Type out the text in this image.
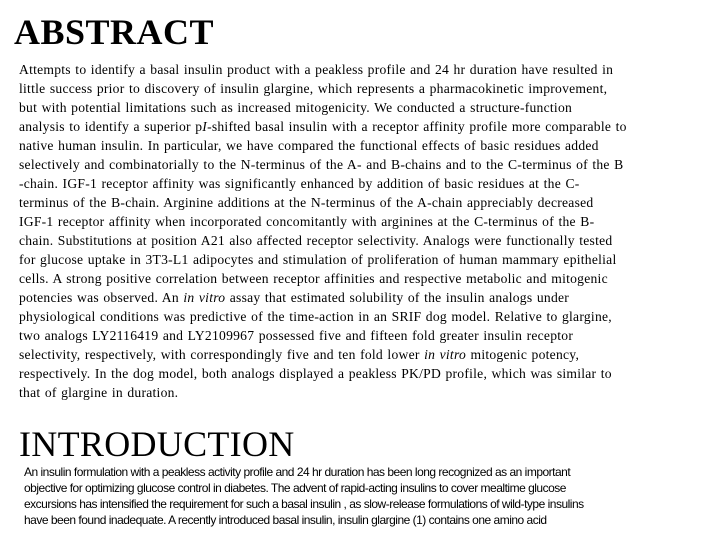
ABSTRACT
Attempts to identify a basal insulin product with a peakless profile and 24 hr duration have resulted in
little success prior to discovery of insulin glargine, which represents a pharmacokinetic improvement,
but with potential limitations such as increased mitogenicity. We conducted a structure-function
analysis to identify a superior pI-shifted basal insulin with a receptor affinity profile more comparable to
native human insulin. In particular, we have compared the functional effects of basic residues added
selectively and combinatorially to the N-terminus of the A- and B-chains and to the C-terminus of the B
-chain. IGF-1 receptor affinity was significantly enhanced by addition of basic residues at the C-
terminus of the B-chain. Arginine additions at the N-terminus of the A-chain appreciably decreased
IGF-1 receptor affinity when incorporated concomitantly with arginines at the C-terminus of the B-
chain. Substitutions at position A21 also affected receptor selectivity. Analogs were functionally tested
for glucose uptake in 3T3-L1 adipocytes and stimulation of proliferation of human mammary epithelial
cells. A strong positive correlation between receptor affinities and respective metabolic and mitogenic
potencies was observed. An in vitro assay that estimated solubility of the insulin analogs under
physiological conditions was predictive of the time-action in an SRIF dog model. Relative to glargine,
two analogs LY2116419 and LY2109967 possessed five and fifteen fold greater insulin receptor
selectivity, respectively, with correspondingly five and ten fold lower in vitro mitogenic potency,
respectively. In the dog model, both analogs displayed a peakless PK/PD profile, which was similar to
that of glargine in duration.
INTRODUCTION
An insulin formulation with a peakless activity profile and 24 hr duration has been long recognized as an important
objective for optimizing glucose control in diabetes. The advent of rapid-acting insulins to cover mealtime glucose
excursions has intensified the requirement for such a basal insulin , as slow-release formulations of wild-type insulins
have been found inadequate. A recently introduced basal insulin, insulin glargine (1) contains one amino acid
